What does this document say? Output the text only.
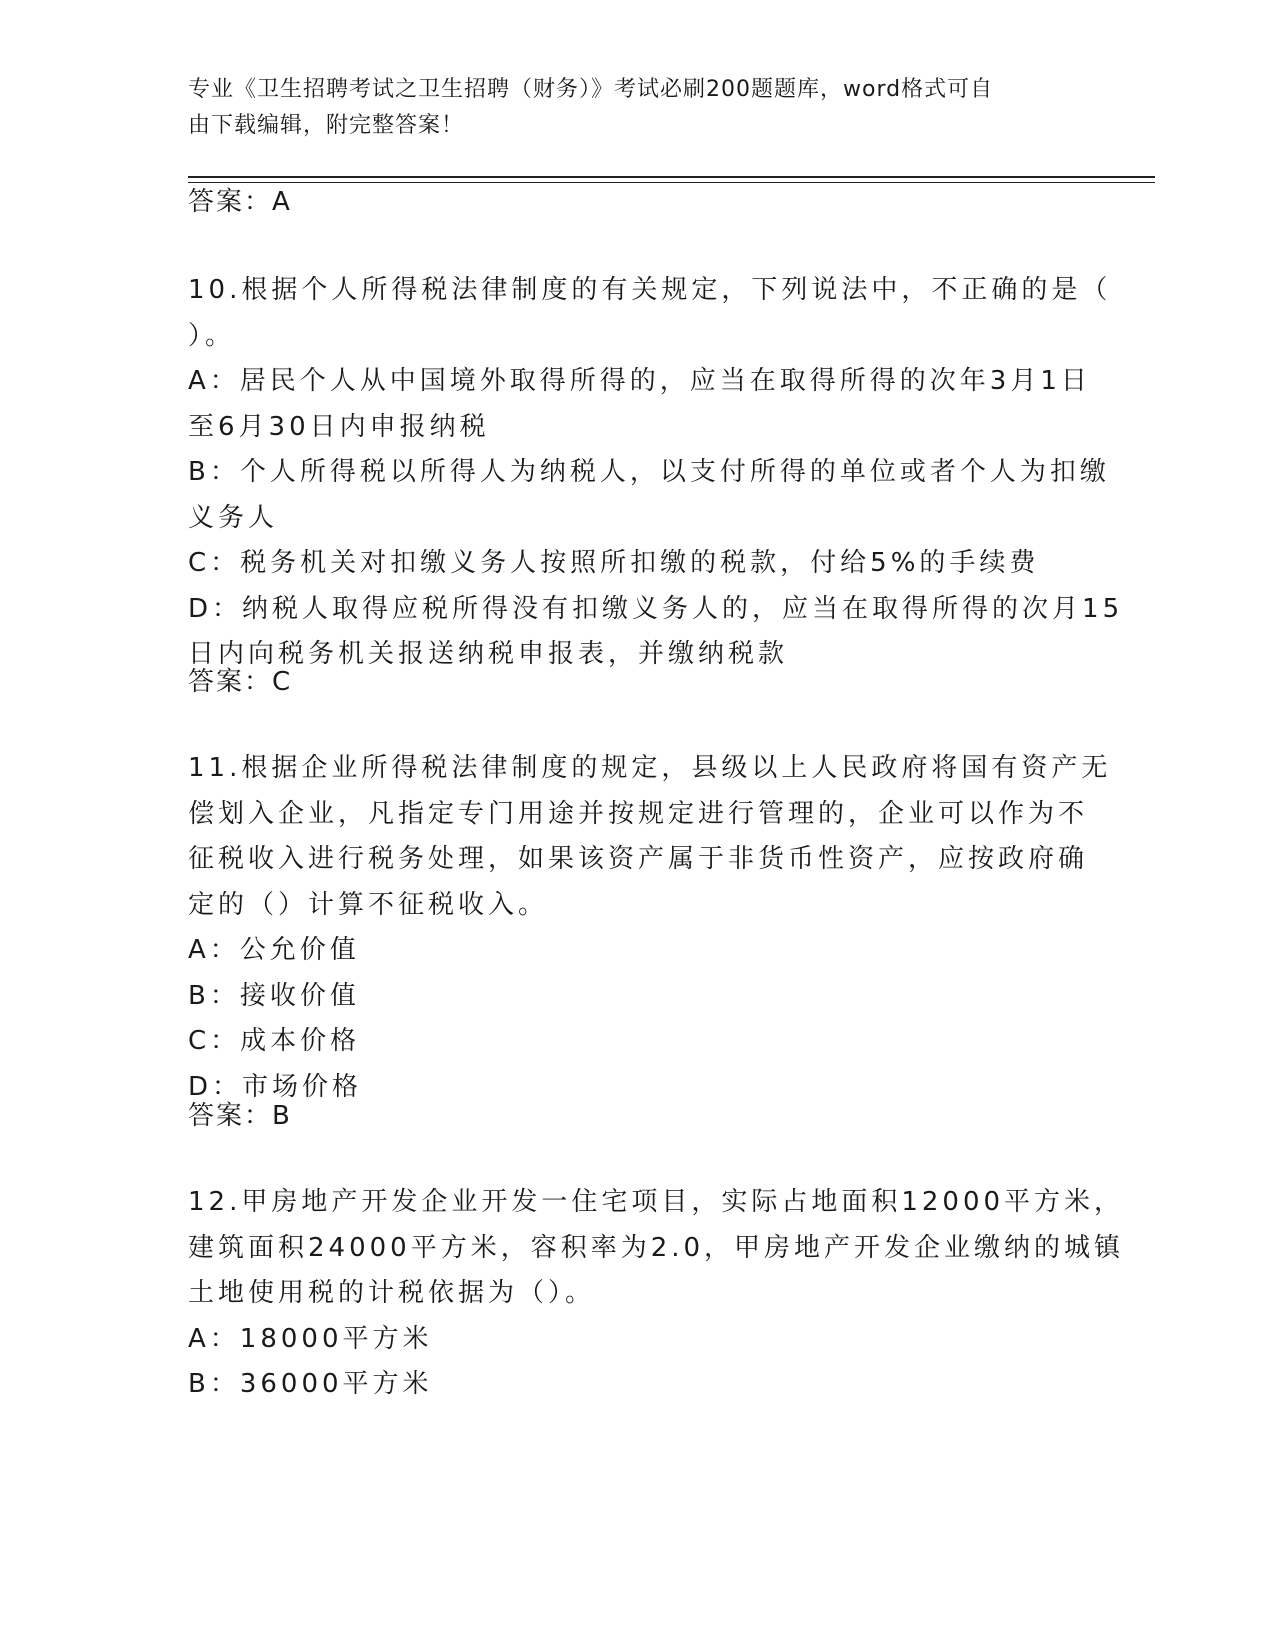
专业《卫生招聘考试之卫生招聘（财务）》考试必刷200题题库，word格式可自
由下载编辑，附完整答案！
答案：A

10.根据个人所得税法律制度的有关规定，下列说法中，不正确的是（

）。

A：居民个人从中国境外取得所得的，应当在取得所得的次年3月1日

至6月30日内申报纳税

B：个人所得税以所得人为纳税人，以支付所得的单位或者个人为扣缴

义务人

C：税务机关对扣缴义务人按照所扣缴的税款，付给5%的手续费

D：纳税人取得应税所得没有扣缴义务人的，应当在取得所得的次月15

日内向税务机关报送纳税申报表，并缴纳税款

答案：C

11.根据企业所得税法律制度的规定，县级以上人民政府将国有资产无

偿划入企业，凡指定专门用途并按规定进行管理的，企业可以作为不

征税收入进行税务处理，如果该资产属于非货币性资产，应按政府确

定的（）计算不征税收入。

A：公允价值

B：接收价值

C：成本价格

D：市场价格

答案：B

12.甲房地产开发企业开发一住宅项目，实际占地面积12000平方米，

建筑面积24000平方米，容积率为2.0，甲房地产开发企业缴纳的城镇

土地使用税的计税依据为（）。

A：18000平方米

B：36000平方米
